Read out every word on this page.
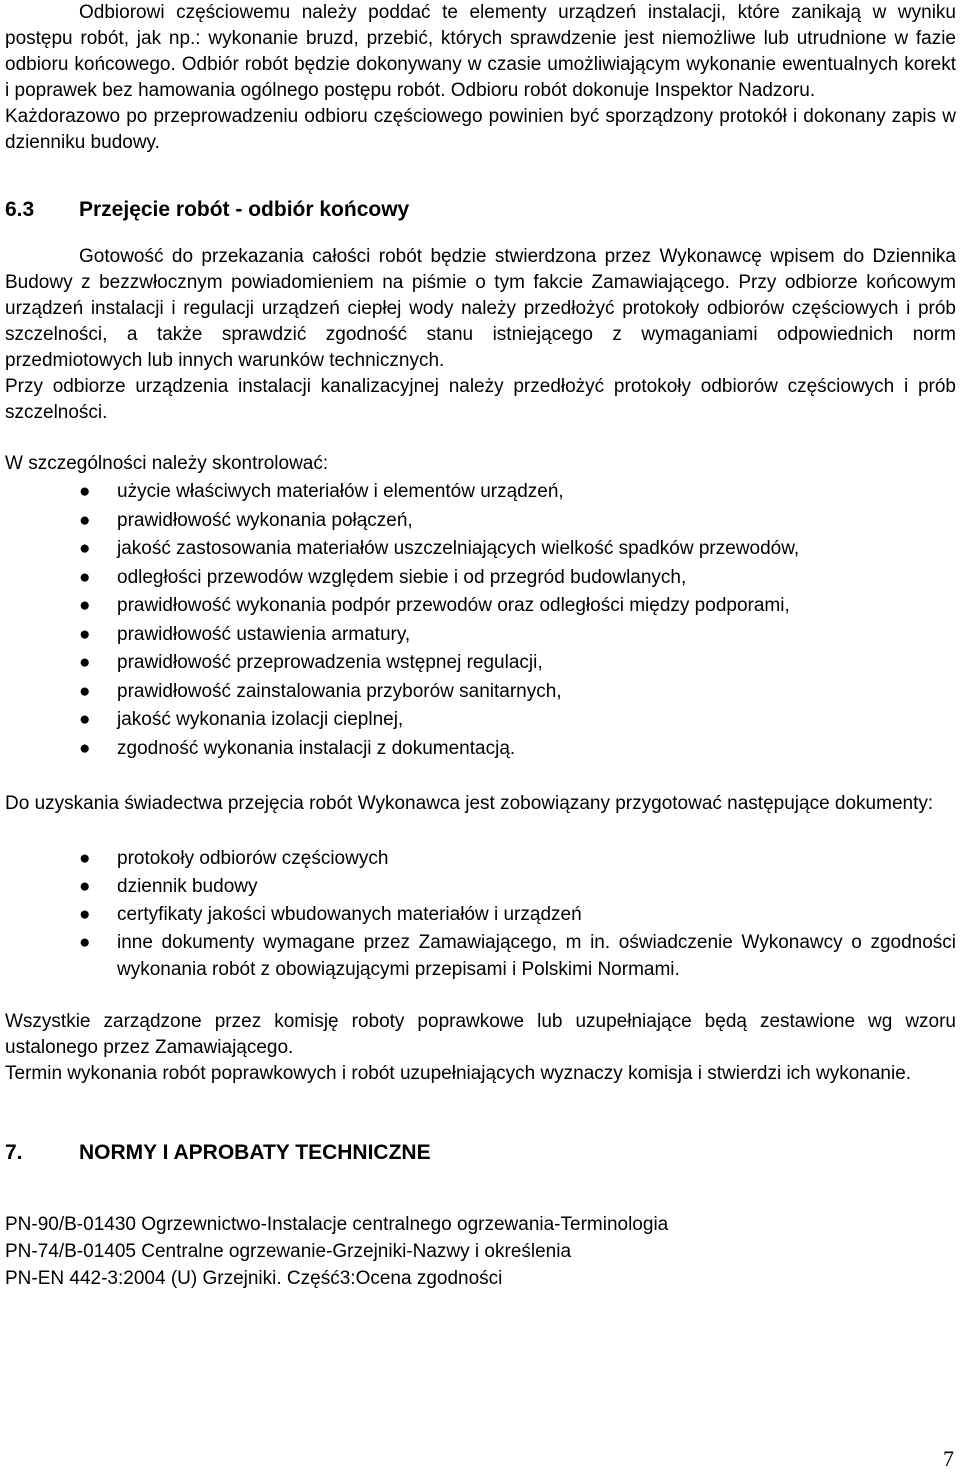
Odbiorowi częściowemu należy poddać te elementy urządzeń instalacji, które zanikają w wyniku postępu robót, jak np.: wykonanie bruzd, przebić, których sprawdzenie jest niemożliwe lub utrudnione w fazie odbioru końcowego. Odbiór robót będzie dokonywany w czasie umożliwiającym wykonanie ewentualnych korekt i poprawek bez hamowania ogólnego postępu robót. Odbioru robót dokonuje Inspektor Nadzoru.

Każdorazowo po przeprowadzeniu odbioru częściowego powinien być sporządzony protokół i dokonany zapis w dzienniku budowy.

6.3 Przejęcie robót - odbiór końcowy

Gotowość do przekazania całości robót będzie stwierdzona przez Wykonawcę wpisem do Dziennika Budowy z bezzwłocznym powiadomieniem na piśmie o tym fakcie Zamawiającego. Przy odbiorze końcowym urządzeń instalacji i regulacji urządzeń ciepłej wody należy przedłożyć protokoły odbiorów częściowych i prób szczelności, a także sprawdzić zgodność stanu istniejącego z wymaganiami odpowiednich norm przedmiotowych lub innych warunków technicznych.

Przy odbiorze urządzenia instalacji kanalizacyjnej należy przedłożyć protokoły odbiorów częściowych i prób szczelności.

W szczególności należy skontrolować:

● użycie właściwych materiałów i elementów urządzeń,
● prawidłowość wykonania połączeń,
● jakość zastosowania materiałów uszczelniających wielkość spadków przewodów,
● odległości przewodów względem siebie i od przegród budowlanych,
● prawidłowość wykonania podpór przewodów oraz odległości między podporami,
● prawidłowość ustawienia armatury,
● prawidłowość przeprowadzenia wstępnej regulacji,
● prawidłowość zainstalowania przyborów sanitarnych,
● jakość wykonania izolacji cieplnej,
● zgodność wykonania instalacji z dokumentacją.

Do uzyskania świadectwa przejęcia robót Wykonawca jest zobowiązany przygotować następujące dokumenty:

● protokoły odbiorów częściowych
● dziennik budowy
● certyfikaty jakości wbudowanych materiałów i urządzeń
● inne dokumenty wymagane przez Zamawiającego, m in. oświadczenie Wykonawcy o zgodności wykonania robót z obowiązującymi przepisami i Polskimi Normami.

Wszystkie zarządzone przez komisję roboty poprawkowe lub uzupełniające będą zestawione wg wzoru ustalonego przez Zamawiającego.

Termin wykonania robót poprawkowych i robót uzupełniających wyznaczy komisja i stwierdzi ich wykonanie.

7.	NORMY I APROBATY TECHNICZNE

PN-90/B-01430 Ogrzewnictwo-Instalacje centralnego ogrzewania-Terminologia

PN-74/B-01405 Centralne ogrzewanie-Grzejniki-Nazwy i określenia

PN-EN 442-3:2004 (U) Grzejniki. Część3:Ocena zgodności

7
